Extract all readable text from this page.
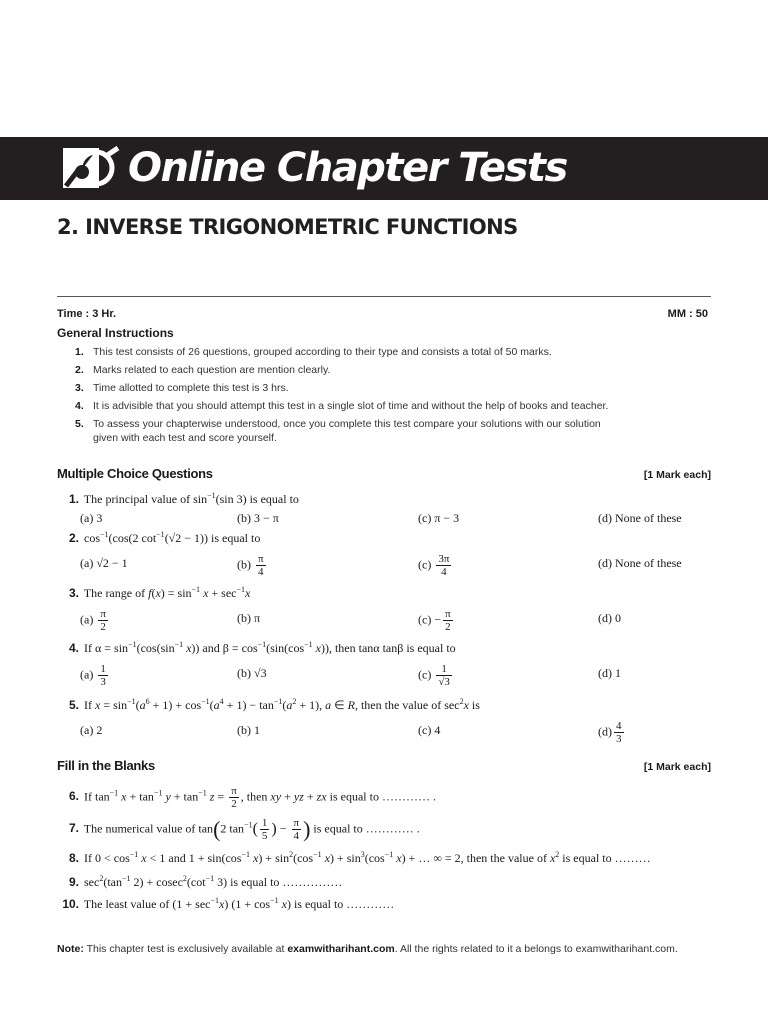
Online Chapter Tests
2. INVERSE TRIGONOMETRIC FUNCTIONS
Time : 3 Hr.	MM : 50
General Instructions
1. This test consists of 26 questions, grouped according to their type and consists a total of 50 marks.
2. Marks related to each question are mention clearly.
3. Time allotted to complete this test is 3 hrs.
4. It is advisible that you should attempt this test in a single slot of time and without the help of books and teacher.
5. To assess your chapterwise understood, once you complete this test compare your solutions with our solution
given with each test and score yourself.
Multiple Choice Questions	[1 Mark each]
1. The principal value of $\sin^{-1}(\sin$ 3) is equal to
(a) 3	(b) 3 − π	(c) π − 3	(d) None of these
2. $\cos^{-1}(\cos(2$ $\cot^{-1}(√2 - 1)$) is equal to
(a) √2 − 1	$(b) \frac{\pi}{4}$	$(c) \frac{3\pi}{4}$	(d) None of these
3. The range of $f(x) = \sin^{-1} x + \sec^{-1}x$
$(a) \frac{\pi}{2}$	(b) π	$(c) - \frac{\pi}{2}$	(d) 0
4. If $\alpha = \sin^{-1}(\cos(\sin^{-1}$ x)) and $\beta = \cos^{-1}(\sin(\cos^{-1}$ x)), then tanα tanβ is equal to
$(a) \frac{1}{3}$	(b) √3	$(c) \frac{1}{√3}$	(d) 1
5. If $x = \sin^{-1}(a^6 + 1) + \cos^{-1}(a^4 + 1) - \tan^{-1}(a^2 + 1)$, a ∈ R, then the value of $\sec^2x$ is
(a) 2	(b) 1	(c) 4	$(d) \frac{4}{3}$
Fill in the Blanks	[1 Mark each]
6. If $\tan^{-1} x + \tan^{-1} y + \tan^{-1} z = \frac{\pi}{2}$ , then xy + yz + zx is equal to ………… .
7. The numerical value of tan(2 $\tan^{-1}( \frac{1}{5}$ ) − $\frac{\pi}{4}$ ) is equal to ………… .
8. If $0 < \cos^{-1} x < 1$ and $1 + \sin(\cos^{-1}$ $x) + \sin^2(\cos^{-1}$ $x) + \sin^3(\cos^{-1}$ x) + … ∞ = 2, then the value of $x^2$ is equal to ………
9. $\sec^2(\tan^{-1}$ $2) + cosec^2(\cot^{-1}$ 3) is equal to ……………
10. The least value of $(1 + \sec^{-1}x)$ $(1 + \cos^{-1} x)$ is equal to …………
Note: This chapter test is exclusively available at examwitharihant.com. All the rights related to it a belongs to examwitharihant.com.
